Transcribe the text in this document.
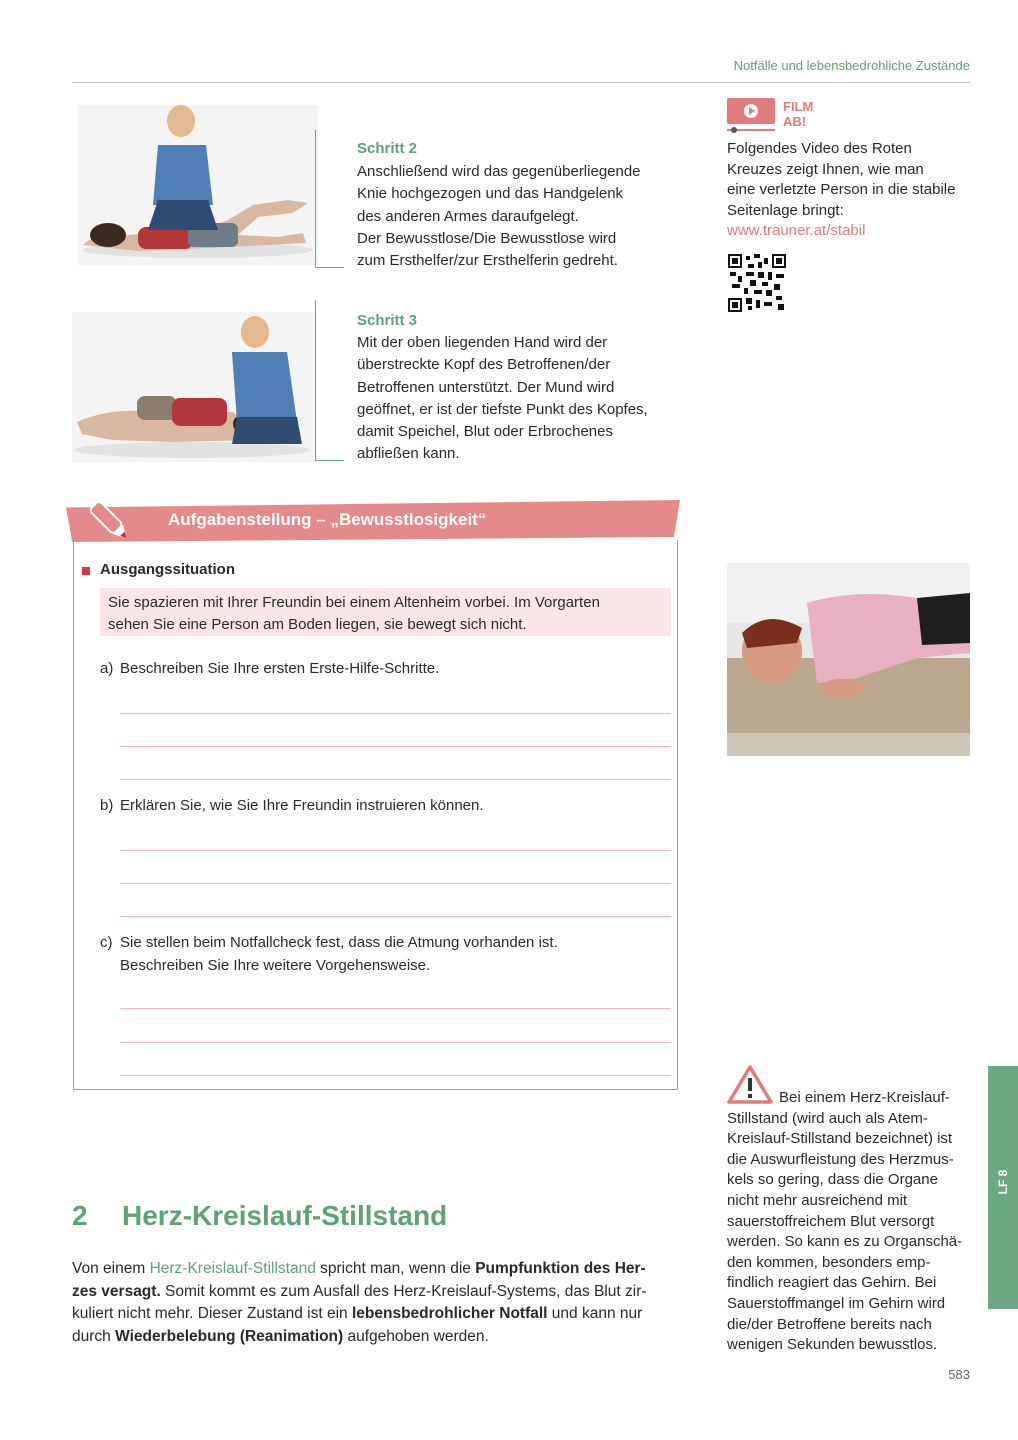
Notfälle und lebensbedrohliche Zustände
Schritt 2
Anschließend wird das gegenüberliegende
Knie hochgezogen und das Handgelenk
des anderen Armes daraufgelegt.
Der Bewusstlose/Die Bewusstlose wird
zum Ersthelfer/zur Ersthelferin gedreht.
Schritt 3
Mit der oben liegenden Hand wird der
überstreckte Kopf des Betroffenen/der
Betroffenen unterstützt. Der Mund wird
geöffnet, er ist der tiefste Punkt des Kopfes,
damit Speichel, Blut oder Erbrochenes
abfließen kann.
Aufgabenstellung – „Bewusstlosigkeit“
Ausgangssituation
Sie spazieren mit Ihrer Freundin bei einem Altenheim vorbei. Im Vorgarten
sehen Sie eine Person am Boden liegen, sie bewegt sich nicht.
a) Beschreiben Sie Ihre ersten Erste-Hilfe-Schritte.
b) Erklären Sie, wie Sie Ihre Freundin instruieren können.
c) Sie stellen beim Notfallcheck fest, dass die Atmung vorhanden ist.
Beschreiben Sie Ihre weitere Vorgehensweise.
FILM
AB!
Folgendes Video des Roten
Kreuzes zeigt Ihnen, wie man
eine verletzte Person in die stabile
Seitenlage bringt:
www.trauner.at/stabil
Bei einem Herz-Kreislauf-
Stillstand (wird auch als Atem-
Kreislauf-Stillstand bezeichnet) ist
die Auswurfleistung des Herzmus-
kels so gering, dass die Organe
nicht mehr ausreichend mit
sauerstoffreichem Blut versorgt
werden. So kann es zu Organschä-
den kommen, besonders emp-
findlich reagiert das Gehirn. Bei
Sauerstoffmangel im Gehirn wird
die/der Betroffene bereits nach
wenigen Sekunden bewusstlos.
LF 8
2 Herz-Kreislauf-Stillstand
Von einem Herz-Kreislauf-Stillstand spricht man, wenn die Pumpfunktion des Her-
zes versagt. Somit kommt es zum Ausfall des Herz-Kreislauf-Systems, das Blut zir-
kuliert nicht mehr. Dieser Zustand ist ein lebensbedrohlicher Notfall und kann nur
durch Wiederbelebung (Reanimation) aufgehoben werden.
583
